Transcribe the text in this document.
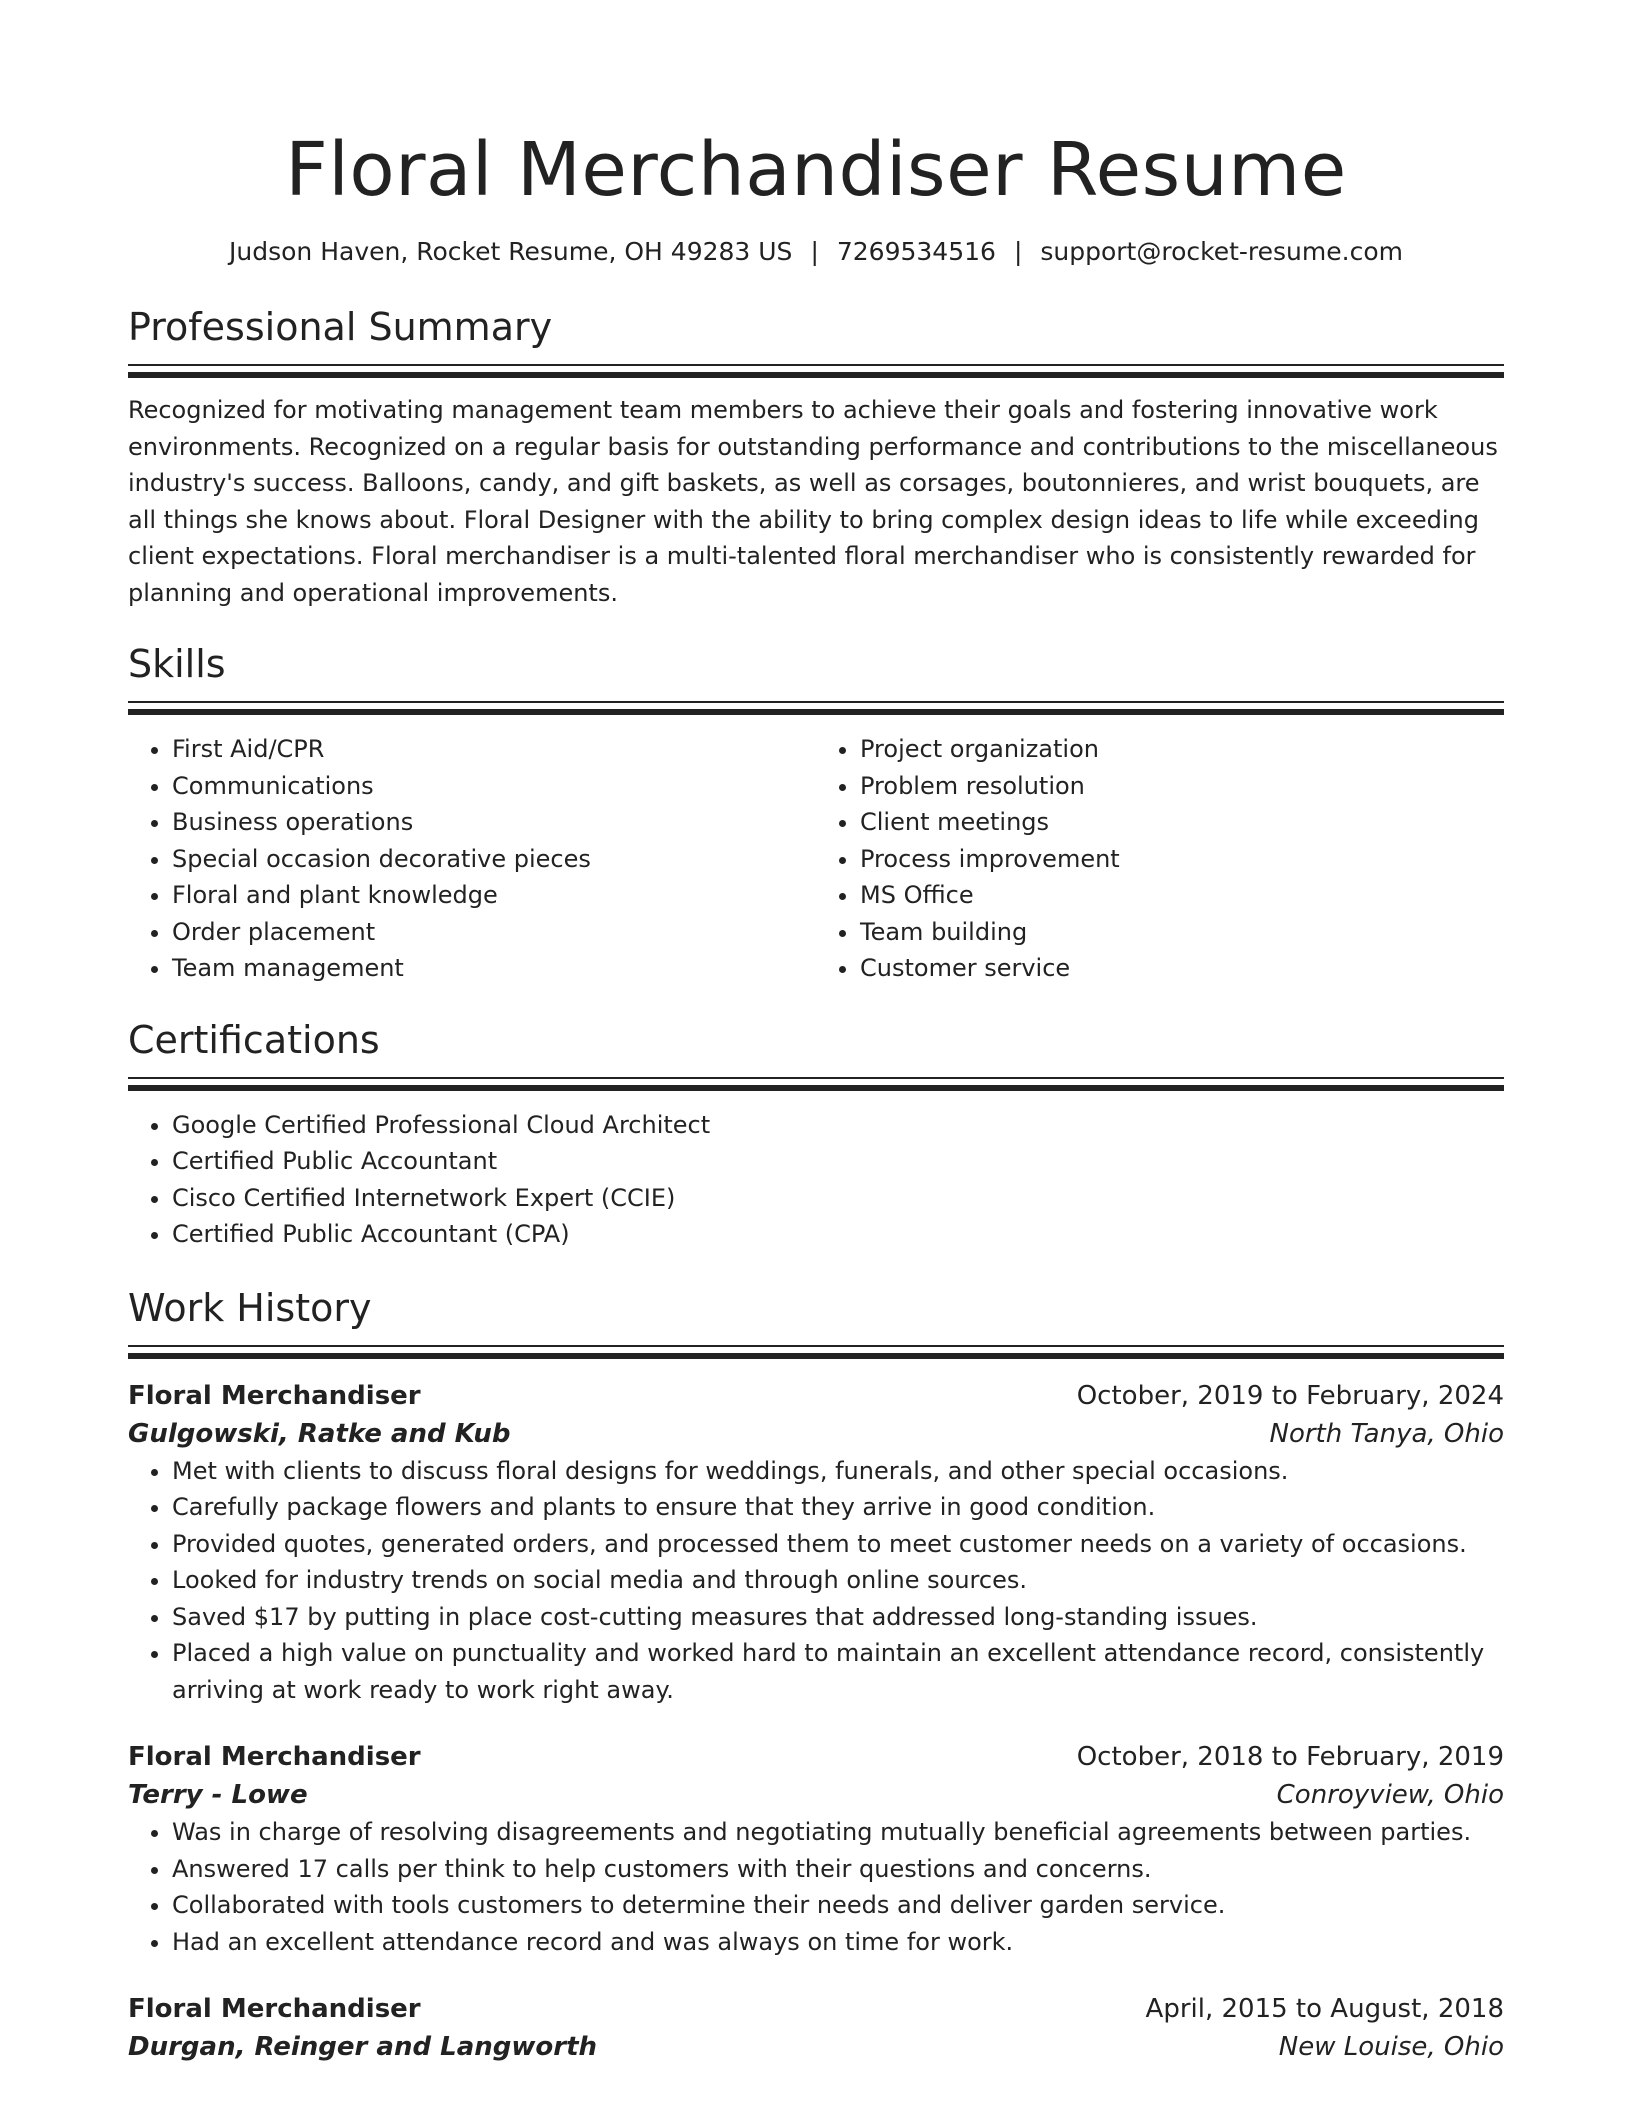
Floral Merchandiser Resume
Judson Haven, Rocket Resume, OH 49283 US | 7269534516 | support@rocket-resume.com
Professional Summary

Recognized for motivating management team members to achieve their goals and fostering innovative work environments. Recognized on a regular basis for outstanding performance and contributions to the miscellaneous industry's success. Balloons, candy, and gift baskets, as well as corsages, boutonnieres, and wrist bouquets, are all things she knows about. Floral Designer with the ability to bring complex design ideas to life while exceeding client expectations. Floral merchandiser is a multi-talented floral merchandiser who is consistently rewarded for planning and operational improvements.

Skills
• First Aid/CPR
• Communications
• Business operations
• Special occasion decorative pieces
• Floral and plant knowledge
• Order placement
• Team management
• Project organization
• Problem resolution
• Client meetings
• Process improvement
• MS Office
• Team building
• Customer service
Certifications
• Google Certified Professional Cloud Architect
• Certified Public Accountant
• Cisco Certified Internetwork Expert (CCIE)
• Certified Public Accountant (CPA)
Work History
Floral Merchandiser	October, 2019 to February, 2024
Gulgowski, Ratke and Kub	North Tanya, Ohio
• Met with clients to discuss floral designs for weddings, funerals, and other special occasions.
• Carefully package flowers and plants to ensure that they arrive in good condition.
• Provided quotes, generated orders, and processed them to meet customer needs on a variety of occasions.
• Looked for industry trends on social media and through online sources.
• Saved $17 by putting in place cost-cutting measures that addressed long-standing issues.
• Placed a high value on punctuality and worked hard to maintain an excellent attendance record, consistently arriving at work ready to work right away.
Floral Merchandiser	October, 2018 to February, 2019
Terry - Lowe	Conroyview, Ohio
• Was in charge of resolving disagreements and negotiating mutually beneficial agreements between parties.
• Answered 17 calls per think to help customers with their questions and concerns.
• Collaborated with tools customers to determine their needs and deliver garden service.
• Had an excellent attendance record and was always on time for work.
Floral Merchandiser	April, 2015 to August, 2018
Durgan, Reinger and Langworth	New Louise, Ohio
